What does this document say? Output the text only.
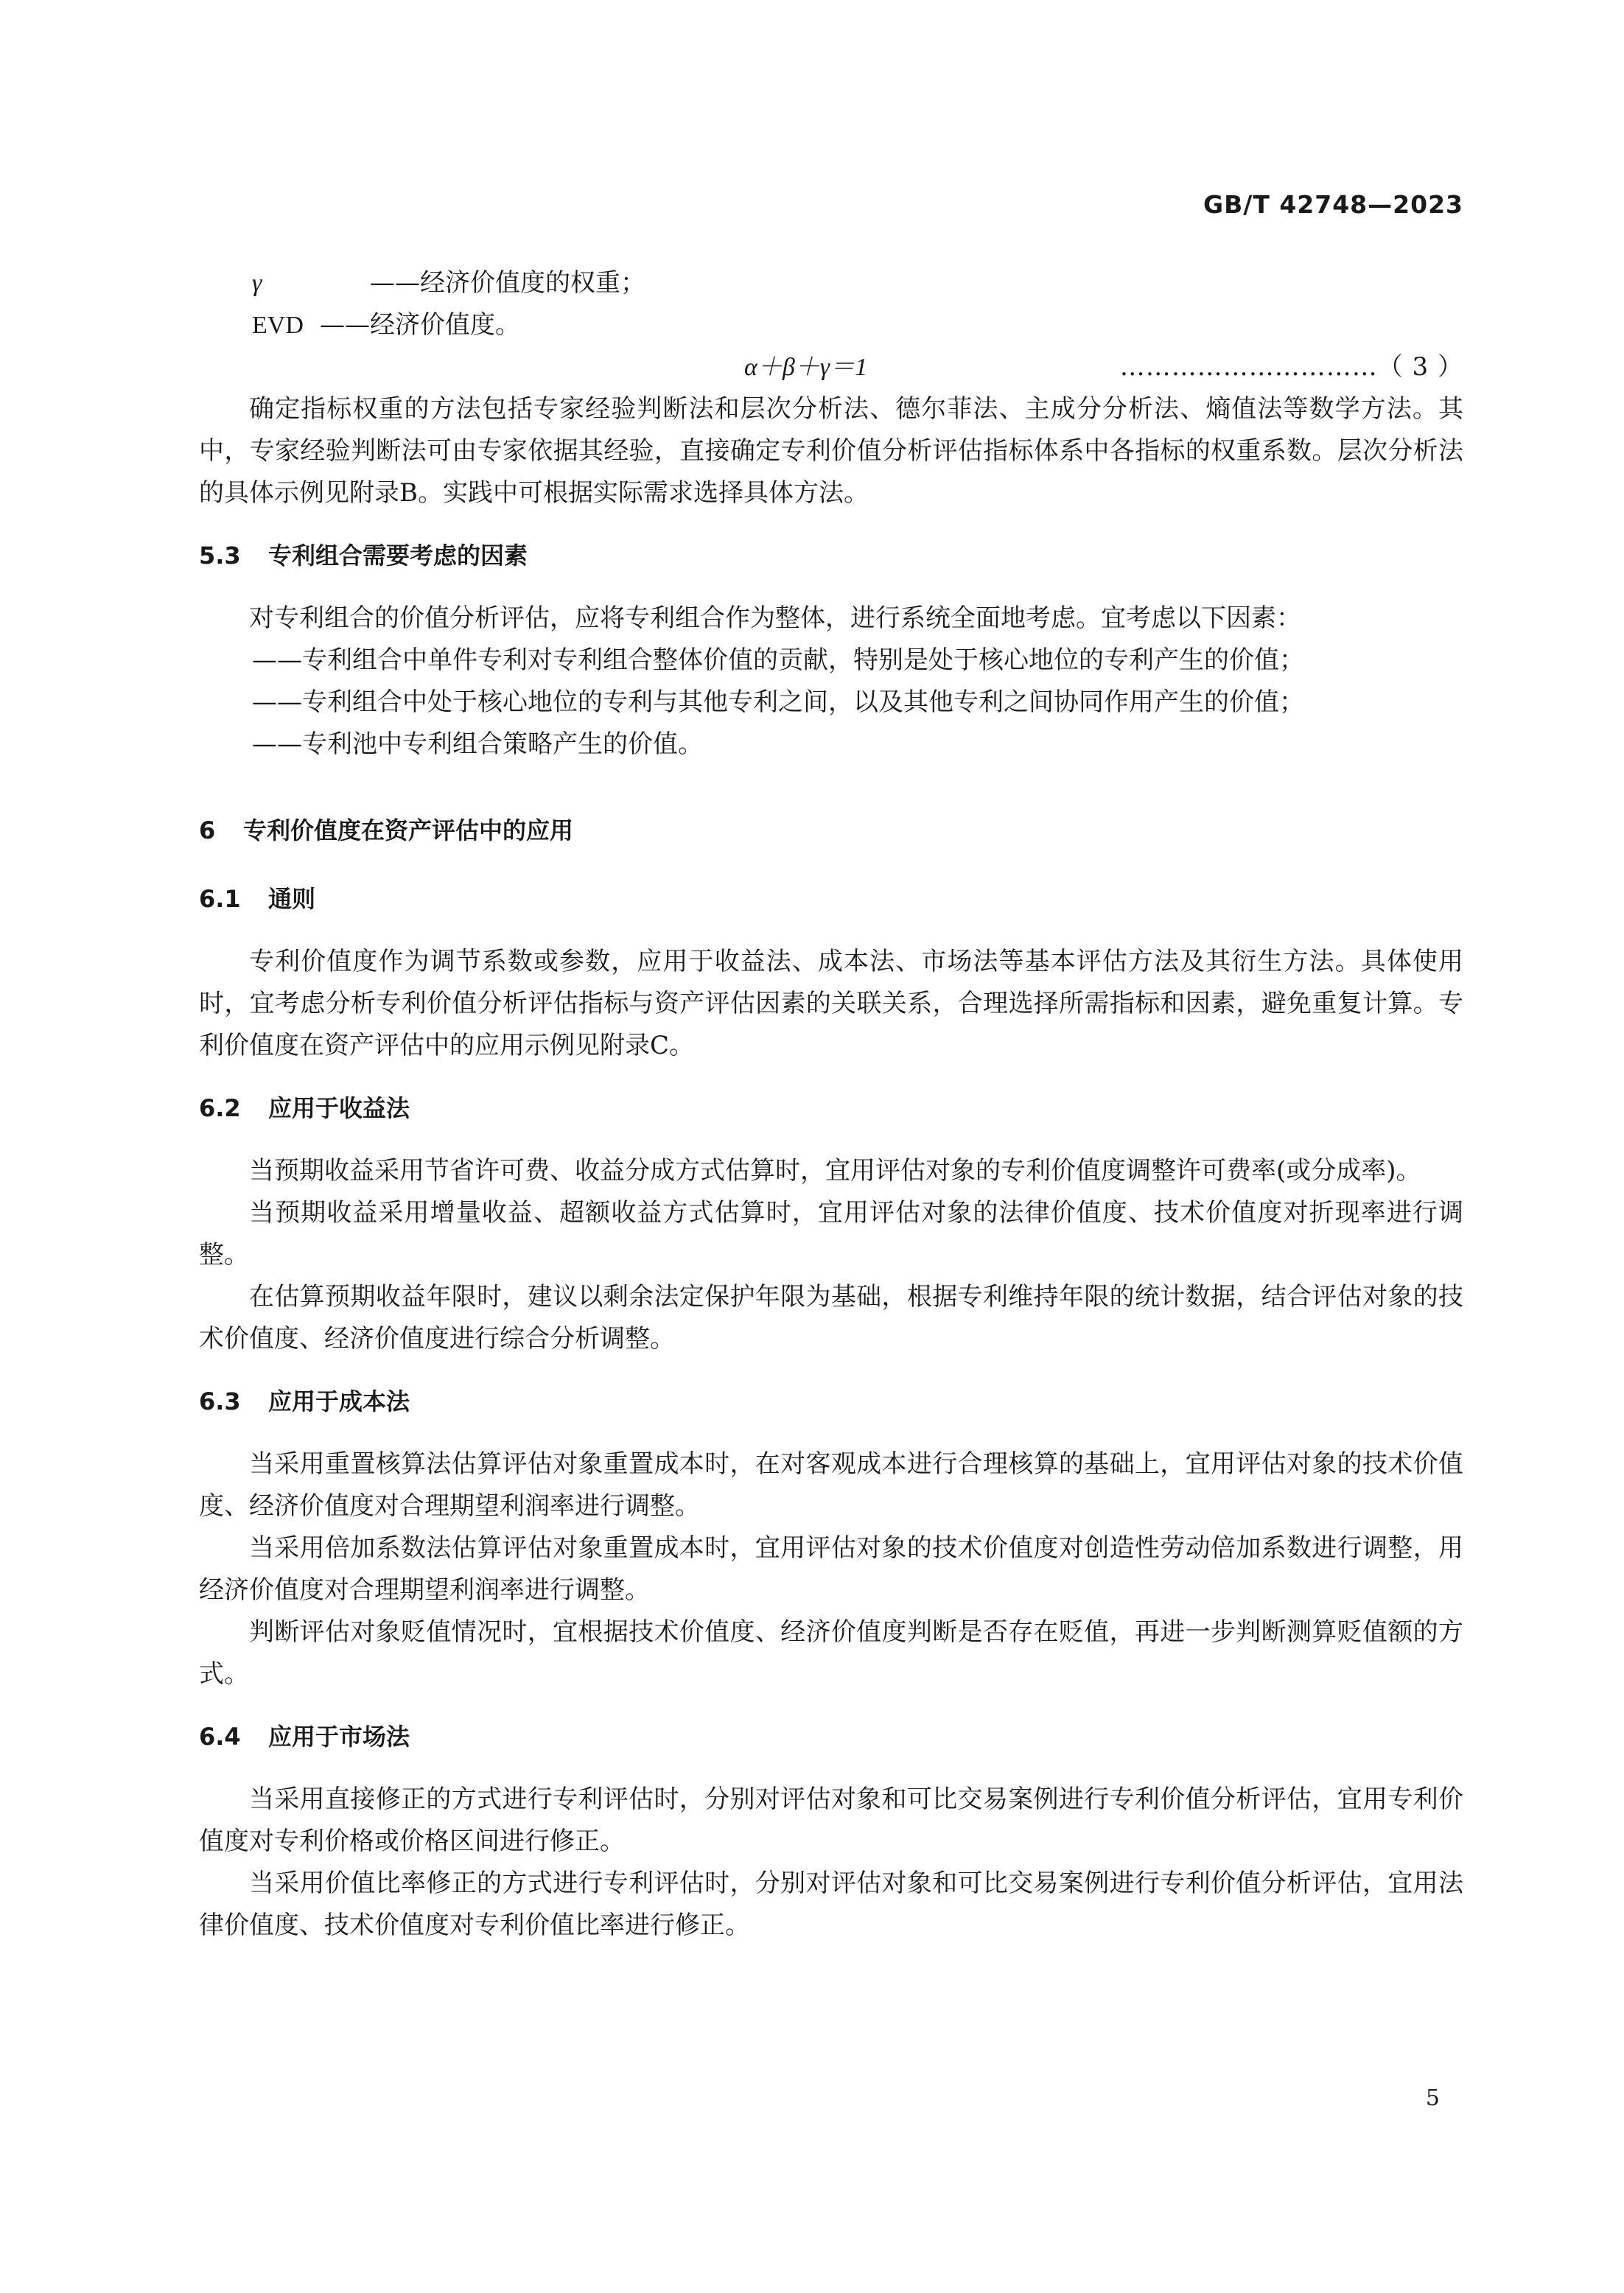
GB/T 42748—2023
γ	——经济价值度的权重；
EVD ——经济价值度。
α＋β＋γ＝1	…………………………（ 3 ）

确定指标权重的方法包括专家经验判断法和层次分析法、德尔菲法、主成分分析法、熵值法等数学方法。其中，专家经验判断法可由专家依据其经验，直接确定专利价值分析评估指标体系中各指标的权重系数。层次分析法的具体示例见附录B。实践中可根据实际需求选择具体方法。

5.3 专利组合需要考虑的因素

对专利组合的价值分析评估，应将专利组合作为整体，进行系统全面地考虑。宜考虑以下因素：

——专利组合中单件专利对专利组合整体价值的贡献，特别是处于核心地位的专利产生的价值；

——专利组合中处于核心地位的专利与其他专利之间，以及其他专利之间协同作用产生的价值；

——专利池中专利组合策略产生的价值。

6 专利价值度在资产评估中的应用
6.1 通则

专利价值度作为调节系数或参数，应用于收益法、成本法、市场法等基本评估方法及其衍生方法。具体使用时，宜考虑分析专利价值分析评估指标与资产评估因素的关联关系，合理选择所需指标和因素，避免重复计算。专利价值度在资产评估中的应用示例见附录C。

6.2 应用于收益法

当预期收益采用节省许可费、收益分成方式估算时，宜用评估对象的专利价值度调整许可费率(或分成率)。

当预期收益采用增量收益、超额收益方式估算时，宜用评估对象的法律价值度、技术价值度对折现率进行调整。

在估算预期收益年限时，建议以剩余法定保护年限为基础，根据专利维持年限的统计数据，结合评估对象的技术价值度、经济价值度进行综合分析调整。

6.3 应用于成本法

当采用重置核算法估算评估对象重置成本时，在对客观成本进行合理核算的基础上，宜用评估对象的技术价值度、经济价值度对合理期望利润率进行调整。

当采用倍加系数法估算评估对象重置成本时，宜用评估对象的技术价值度对创造性劳动倍加系数进行调整，用经济价值度对合理期望利润率进行调整。

判断评估对象贬值情况时，宜根据技术价值度、经济价值度判断是否存在贬值，再进一步判断测算贬值额的方式。

6.4 应用于市场法

当采用直接修正的方式进行专利评估时，分别对评估对象和可比交易案例进行专利价值分析评估，宜用专利价值度对专利价格或价格区间进行修正。

当采用价值比率修正的方式进行专利评估时，分别对评估对象和可比交易案例进行专利价值分析评估，宜用法律价值度、技术价值度对专利价值比率进行修正。

5
